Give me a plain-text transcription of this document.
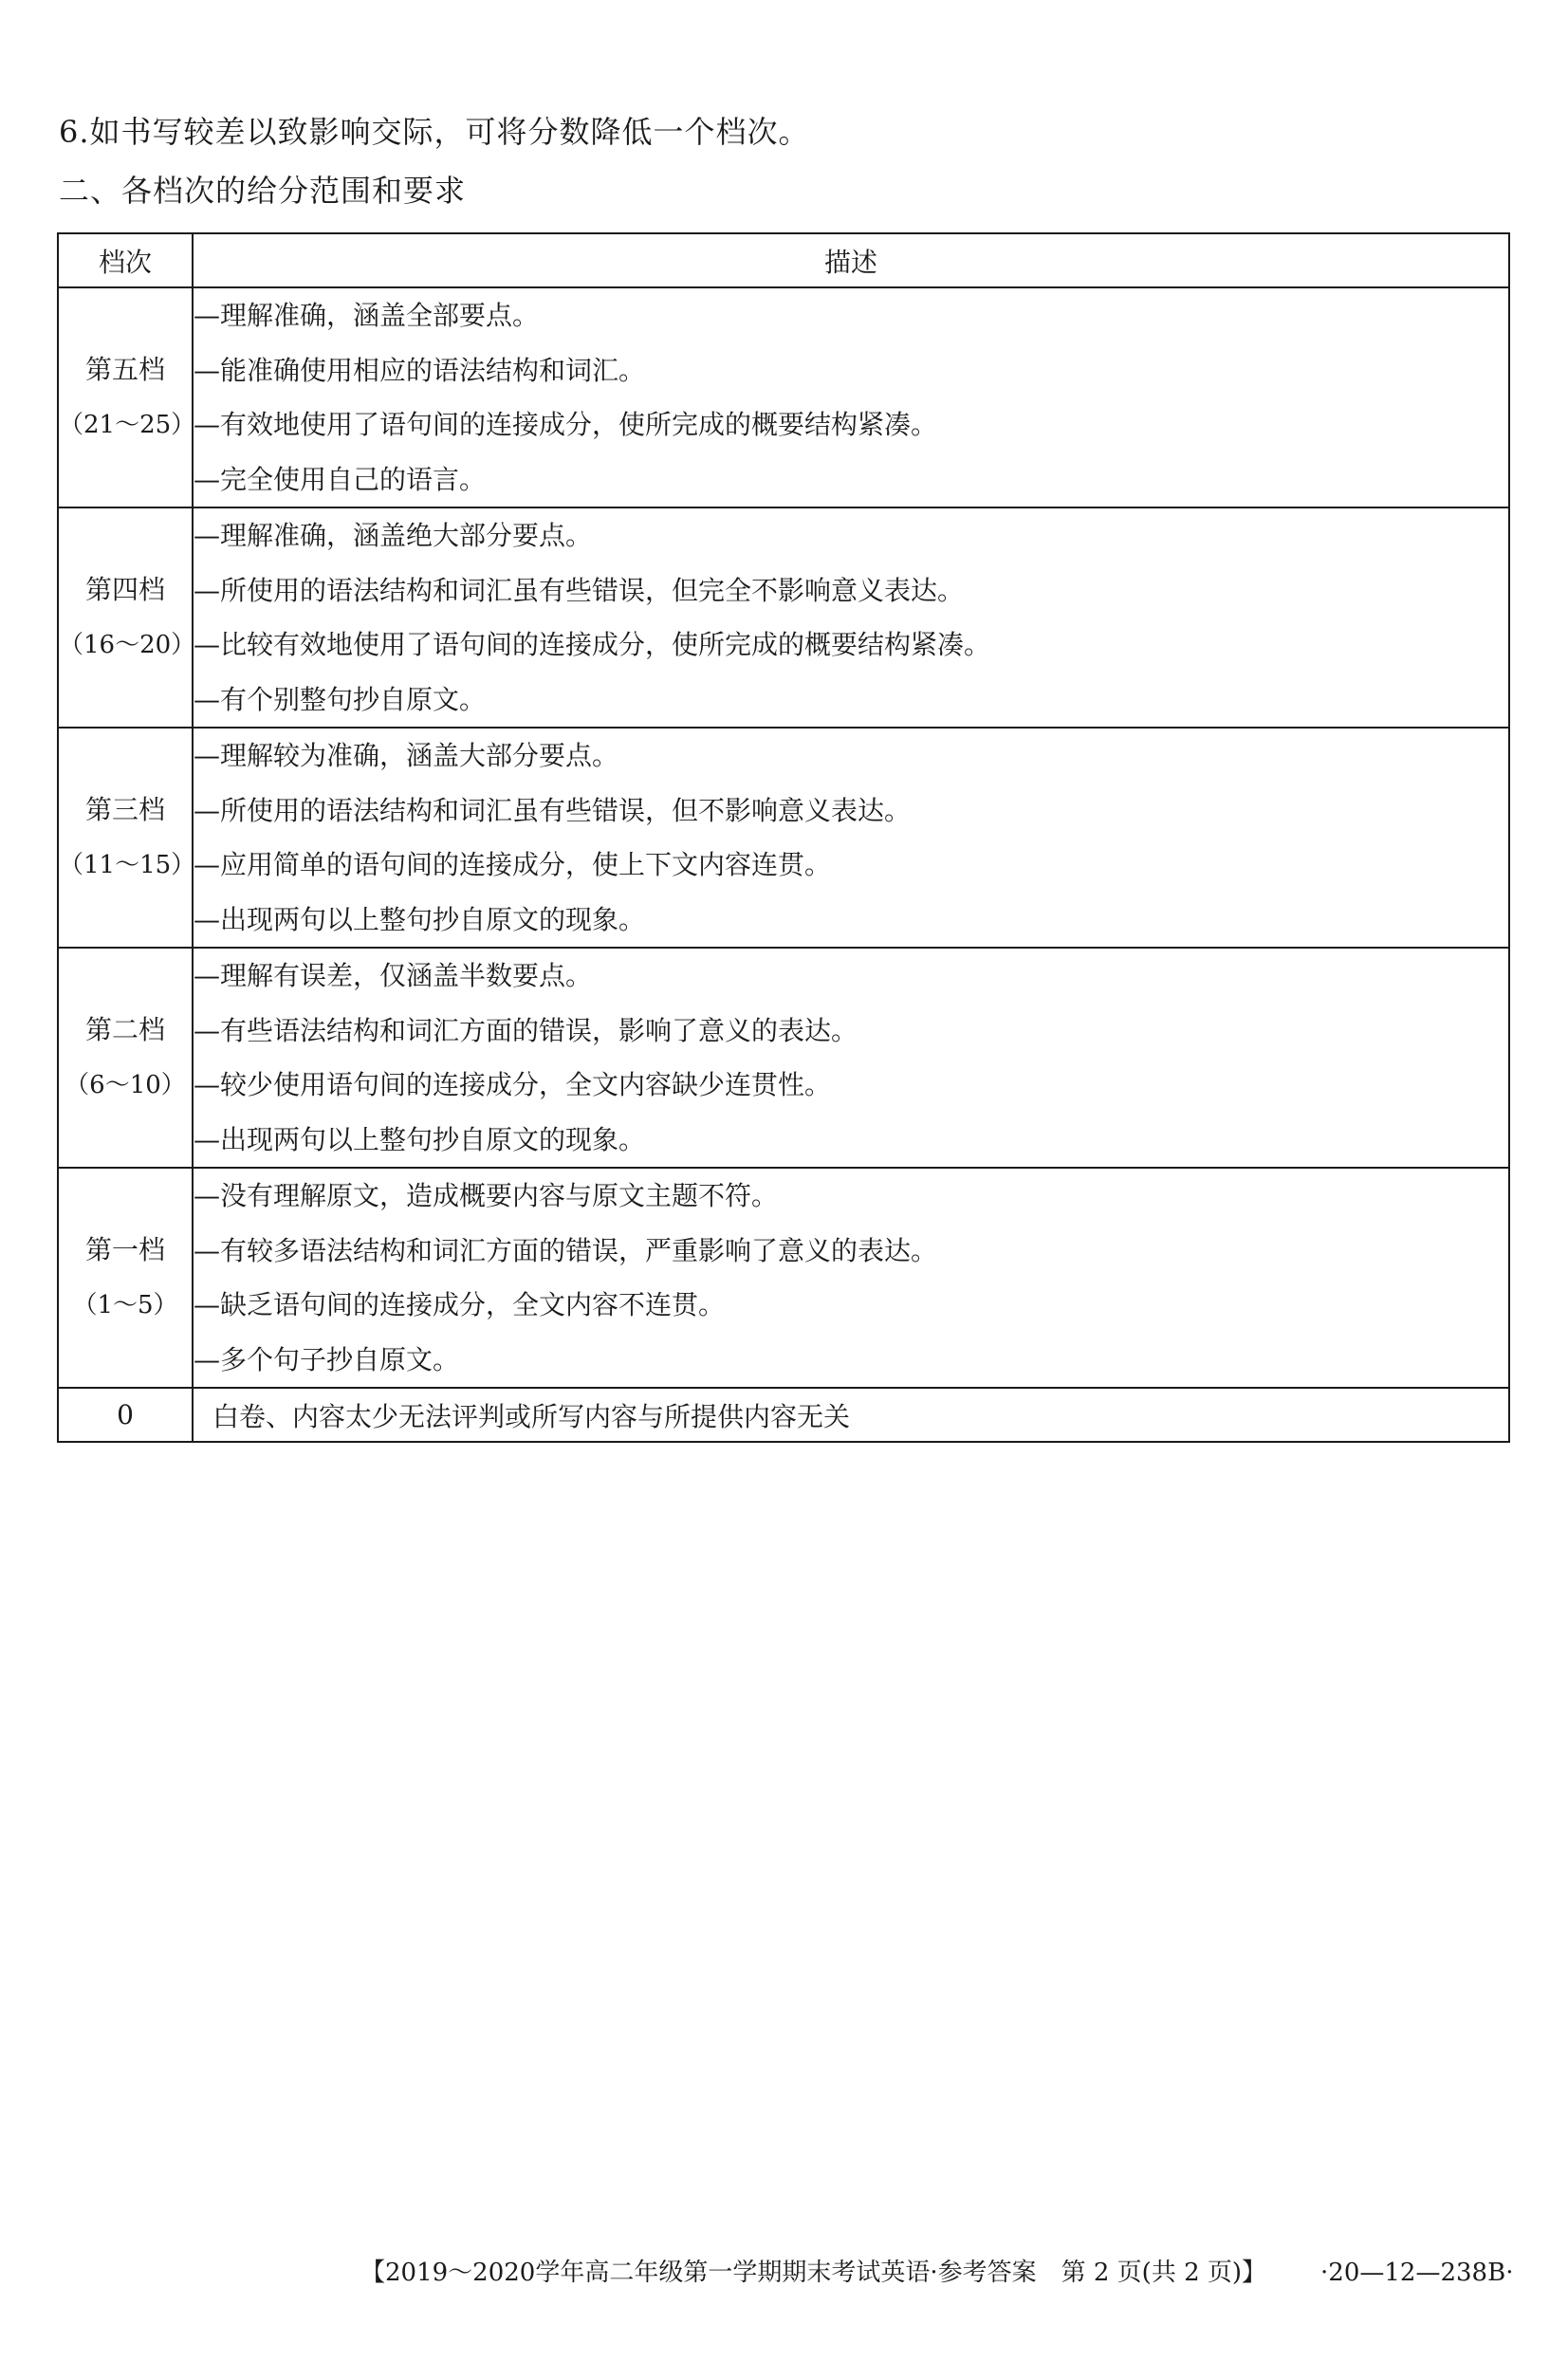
6.如书写较差以致影响交际，可将分数降低一个档次。
二、各档次的给分范围和要求
档次	描述

第五档
（21～25）	—理解准确，涵盖全部要点。
—能准确使用相应的语法结构和词汇。
—有效地使用了语句间的连接成分，使所完成的概要结构紧凑。
—完全使用自己的语言。

第四档
（16～20）	—理解准确，涵盖绝大部分要点。
—所使用的语法结构和词汇虽有些错误，但完全不影响意义表达。
—比较有效地使用了语句间的连接成分，使所完成的概要结构紧凑。
—有个别整句抄自原文。

第三档
（11～15）	—理解较为准确，涵盖大部分要点。
—所使用的语法结构和词汇虽有些错误，但不影响意义表达。
—应用简单的语句间的连接成分，使上下文内容连贯。
—出现两句以上整句抄自原文的现象。

第二档
（6～10）	—理解有误差，仅涵盖半数要点。
—有些语法结构和词汇方面的错误，影响了意义的表达。
—较少使用语句间的连接成分，全文内容缺少连贯性。
—出现两句以上整句抄自原文的现象。

第一档
（1～5）	—没有理解原文，造成概要内容与原文主题不符。
—有较多语法结构和词汇方面的错误，严重影响了意义的表达。
—缺乏语句间的连接成分，全文内容不连贯。
—多个句子抄自原文。

0	白卷、内容太少无法评判或所写内容与所提供内容无关
【2019～2020学年高二年级第一学期期末考试英语·参考答案　第 2 页(共 2 页)】	·20—12—238B·
